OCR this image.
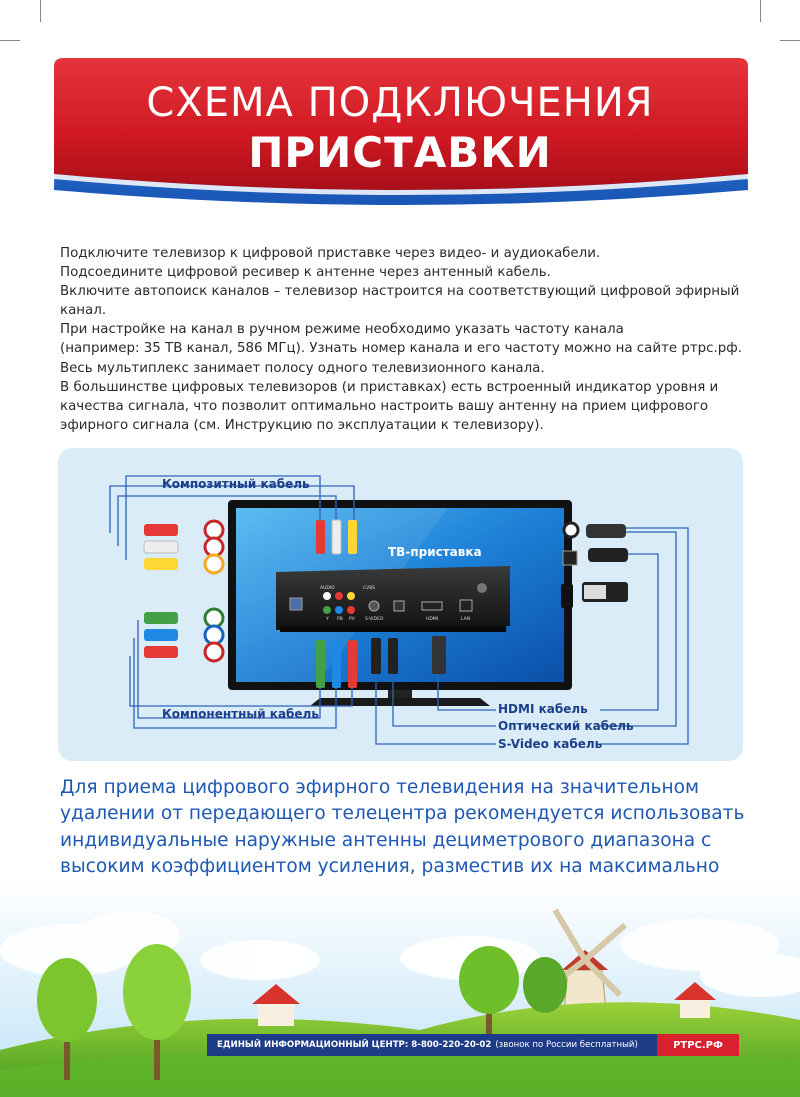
СХЕМА ПОДКЛЮЧЕНИЯ
ПРИСТАВКИ

Подключите телевизор к цифровой приставке через видео- и аудиокабели.

Подсоедините цифровой ресивер к антенне через антенный кабель.

Включите автопоиск каналов – телевизор настроится на соответствующий цифровой эфирный

канал.

При настройке на канал в ручном режиме необходимо указать частоту канала

(например: 35 ТВ канал, 586 МГц). Узнать номер канала и его частоту можно на сайте ртрс.рф.

Весь мультиплекс занимает полосу одного телевизионного канала.

В большинстве цифровых телевизоров (и приставках) есть встроенный индикатор уровня и

качества сигнала, что позволит оптимально настроить вашу антенну на прием цифрового

эфирного сигнала (см. Инструкцию по эксплуатации к телевизору).

AUDIO	CVBS
Y PB PV S-VIDEO	HDMI	LAN
Композитный кабель
ТВ-приставка
Компонентный кабель	HDMI кабель
Оптический кабель
S-Video кабель

Для приема цифрового эфирного телевидения на значительном

удалении от передающего телецентра рекомендуется использовать

индивидуальные наружные антенны дециметрового диапазона с

высоким коэффициентом усиления, разместив их на максимально

ЕДИНЫЙ ИНФОРМАЦИОННЫЙ ЦЕНТР: 8-800-220-20-02 (звонок по России бесплатный)	РТРС.РФ
